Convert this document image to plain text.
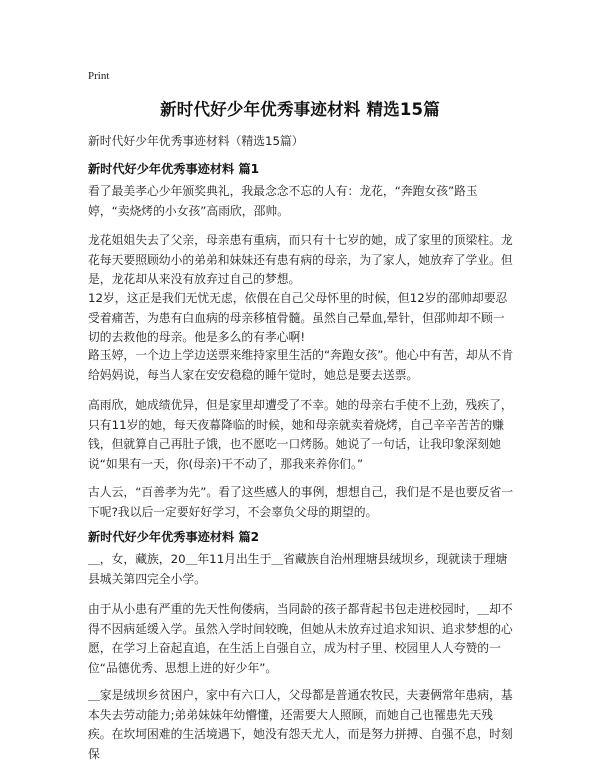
Print
新时代好少年优秀事迹材料 精选15篇
新时代好少年优秀事迹材料（精选15篇）
新时代好少年优秀事迹材料 篇1

看了最美孝心少年颁奖典礼，我最念念不忘的人有：龙花，“奔跑女孩”路玉婷，“卖烧烤的小女孩”高雨欣，邵帅。

龙花姐姐失去了父亲，母亲患有重病，而只有十七岁的她，成了家里的顶梁柱。龙花每天要照顾幼小的弟弟和妹妹还有患有病的母亲，为了家人，她放弃了学业。但是，龙花却从来没有放弃过自己的梦想。

12岁，这正是我们无忧无虑，依偎在自己父母怀里的时候，但12岁的邵帅却要忍受着痛苦，为患有白血病的母亲移植骨髓。虽然自己晕血,晕针，但邵帅却不顾一切的去救他的母亲。他是多么的有孝心啊!

路玉婷，一个边上学边送票来维持家里生活的“奔跑女孩”。他心中有苦，却从不肯给妈妈说，每当人家在安安稳稳的睡午觉时，她总是要去送票。

高雨欣，她成绩优异，但是家里却遭受了不幸。她的母亲右手使不上劲，残疾了，只有11岁的她，每天夜幕降临的时候，她和母亲就卖着烧烤，自己辛辛苦苦的赚钱，但就算自己再肚子饿，也不愿吃一口烤肠。她说了一句话，让我印象深刻她说“如果有一天，你(母亲)干不动了，那我来养你们。”

古人云，“百善孝为先”。看了这些感人的事例，想想自己，我们是不是也要反省一下呢?我以后一定要好好学习，不会辜负父母的期望的。

新时代好少年优秀事迹材料 篇2

＿，女，藏族，20＿年11月出生于＿省藏族自治州理塘县绒坝乡，现就读于理塘县城关第四完全小学。

由于从小患有严重的先天性佝偻病，当同龄的孩子都背起书包走进校园时，＿却不得不因病延缓入学。虽然入学时间较晚，但她从未放弃过追求知识、追求梦想的心愿，在学习上奋起直追，在生活上自强自立，成为村子里、校园里人人夸赞的一位“品德优秀、思想上进的好少年”。

＿家是绒坝乡贫困户，家中有六口人，父母都是普通农牧民，夫妻俩常年患病，基本失去劳动能力;弟弟妹妹年幼懵懂，还需要大人照顾，而她自己也罹患先天残疾。在坎坷困难的生活境遇下，她没有怨天尤人，而是努力拼搏、自强不息，时刻保
